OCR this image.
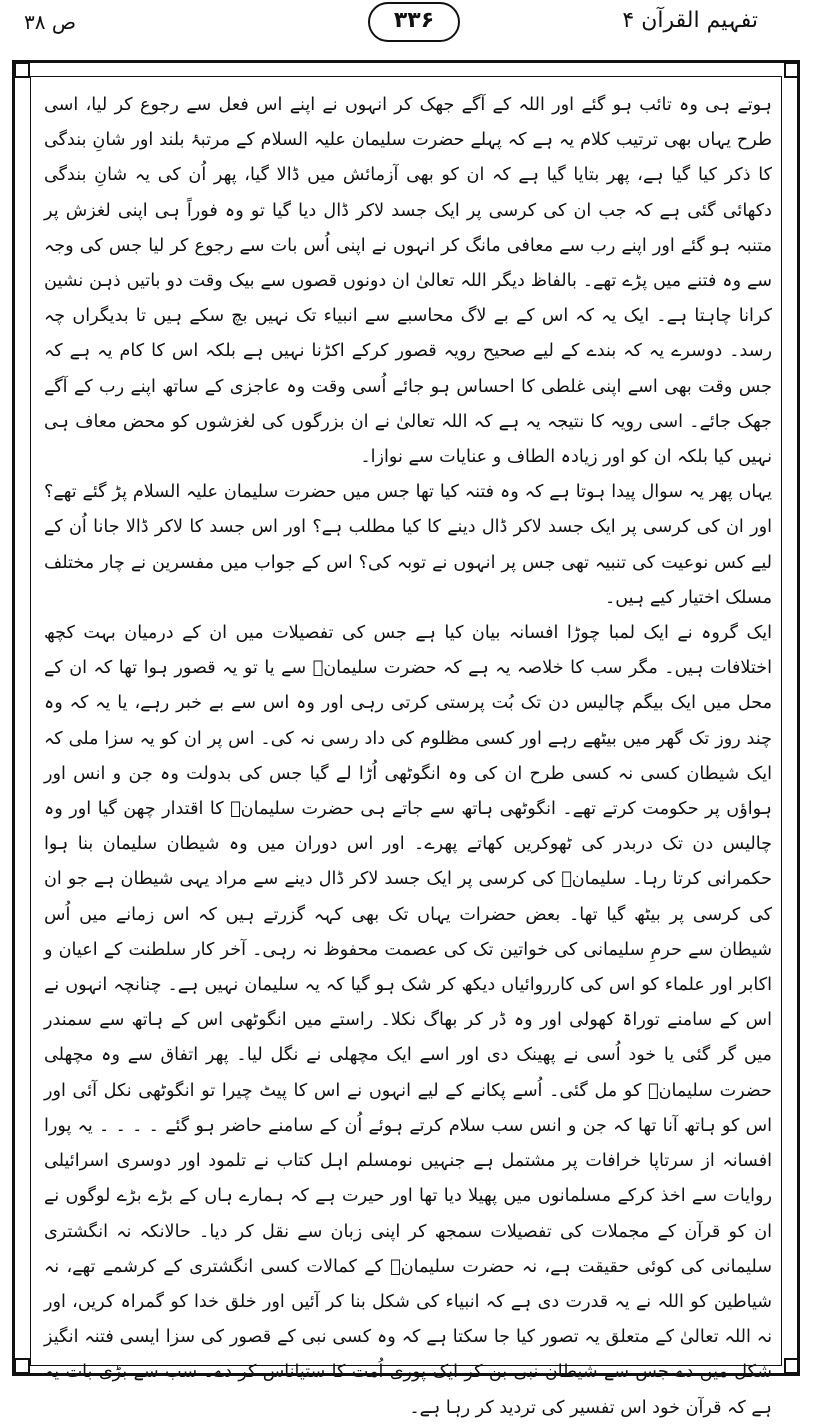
تفہیم القرآن ۴
۳۳۶
ص ۳۸

ہوتے ہی وہ تائب ہو گئے اور اللہ کے آگے جھک کر انہوں نے اپنے اس فعل سے رجوع کر لیا، اسی طرح یہاں بھی ترتیب کلام یہ ہے کہ پہلے حضرت سلیمان علیہ السلام کے مرتبۂ بلند اور شانِ بندگی کا ذکر کیا گیا ہے، پھر بتایا گیا ہے کہ ان کو بھی آزمائش میں ڈالا گیا، پھر اُن کی یہ شانِ بندگی دکھائی گئی ہے کہ جب ان کی کرسی پر ایک جسد لاکر ڈال دیا گیا تو وہ فوراً ہی اپنی لغزش پر متنبہ ہو گئے اور اپنے رب سے معافی مانگ کر انہوں نے اپنی اُس بات سے رجوع کر لیا جس کی وجہ سے وہ فتنے میں پڑے تھے۔ بالفاظ دیگر اللہ تعالیٰ ان دونوں قصوں سے بیک وقت دو باتیں ذہن نشین کرانا چاہتا ہے۔ ایک یہ کہ اس کے بے لاگ محاسبے سے انبیاء تک نہیں بچ سکے ہیں تا بدیگراں چہ رسد۔ دوسرے یہ کہ بندے کے لیے صحیح رویہ قصور کرکے اکڑنا نہیں ہے بلکہ اس کا کام یہ ہے کہ جس وقت بھی اسے اپنی غلطی کا احساس ہو جائے اُسی وقت وہ عاجزی کے ساتھ اپنے رب کے آگے جھک جائے۔ اسی رویہ کا نتیجہ یہ ہے کہ اللہ تعالیٰ نے ان بزرگوں کی لغزشوں کو محض معاف ہی نہیں کیا بلکہ ان کو اور زیادہ الطاف و عنایات سے نوازا۔

یہاں پھر یہ سوال پیدا ہوتا ہے کہ وہ فتنہ کیا تھا جس میں حضرت سلیمان علیہ السلام پڑ گئے تھے؟ اور ان کی کرسی پر ایک جسد لاکر ڈال دینے کا کیا مطلب ہے؟ اور اس جسد کا لاکر ڈالا جانا اُن کے لیے کس نوعیت کی تنبیہ تھی جس پر انہوں نے توبہ کی؟ اس کے جواب میں مفسرین نے چار مختلف مسلک اختیار کیے ہیں۔

ایک گروہ نے ایک لمبا چوڑا افسانہ بیان کیا ہے جس کی تفصیلات میں ان کے درمیان بہت کچھ اختلافات ہیں۔ مگر سب کا خلاصہ یہ ہے کہ حضرت سلیمانؑ سے یا تو یہ قصور ہوا تھا کہ ان کے محل میں ایک بیگم چالیس دن تک بُت پرستی کرتی رہی اور وہ اس سے بے خبر رہے، یا یہ کہ وہ چند روز تک گھر میں بیٹھے رہے اور کسی مظلوم کی داد رسی نہ کی۔ اس پر ان کو یہ سزا ملی کہ ایک شیطان کسی نہ کسی طرح ان کی وہ انگوٹھی اُڑا لے گیا جس کی بدولت وہ جن و انس اور ہواؤں پر حکومت کرتے تھے۔ انگوٹھی ہاتھ سے جاتے ہی حضرت سلیمانؑ کا اقتدار چھن گیا اور وہ چالیس دن تک دربدر کی ٹھوکریں کھاتے پھرے۔ اور اس دوران میں وہ شیطان سلیمان بنا ہوا حکمرانی کرتا رہا۔ سلیمانؑ کی کرسی پر ایک جسد لاکر ڈال دینے سے مراد یہی شیطان ہے جو ان کی کرسی پر بیٹھ گیا تھا۔ بعض حضرات یہاں تک بھی کہہ گزرتے ہیں کہ اس زمانے میں اُس شیطان سے حرمِ سلیمانی کی خواتین تک کی عصمت محفوظ نہ رہی۔ آخر کار سلطنت کے اعیان و اکابر اور علماء کو اس کی کارروائیاں دیکھ کر شک ہو گیا کہ یہ سلیمان نہیں ہے۔ چنانچہ انہوں نے اس کے سامنے توراۃ کھولی اور وہ ڈر کر بھاگ نکلا۔ راستے میں انگوٹھی اس کے ہاتھ سے سمندر میں گر گئی یا خود اُسی نے پھینک دی اور اسے ایک مچھلی نے نگل لیا۔ پھر اتفاق سے وہ مچھلی حضرت سلیمانؑ کو مل گئی۔ اُسے پکانے کے لیے انہوں نے اس کا پیٹ چیرا تو انگوٹھی نکل آئی اور اس کو ہاتھ آنا تھا کہ جن و انس سب سلام کرتے ہوئے اُن کے سامنے حاضر ہو گئے ۔ ۔ ۔ ۔ یہ پورا افسانہ از سرتاپا خرافات پر مشتمل ہے جنہیں نومسلم اہل کتاب نے تلمود اور دوسری اسرائیلی روایات سے اخذ کرکے مسلمانوں میں پھیلا دیا تھا اور حیرت ہے کہ ہمارے ہاں کے بڑے بڑے لوگوں نے ان کو قرآن کے مجملات کی تفصیلات سمجھ کر اپنی زبان سے نقل کر دیا۔ حالانکہ نہ انگشتری سلیمانی کی کوئی حقیقت ہے، نہ حضرت سلیمانؑ کے کمالات کسی انگشتری کے کرشمے تھے، نہ شیاطین کو اللہ نے یہ قدرت دی ہے کہ انبیاء کی شکل بنا کر آئیں اور خلق خدا کو گمراہ کریں، اور نہ اللہ تعالیٰ کے متعلق یہ تصور کیا جا سکتا ہے کہ وہ کسی نبی کے قصور کی سزا ایسی فتنہ انگیز شکل میں دے جس سے شیطان نبی بن کر ایک پوری اُمت کا ستیاناس کر دے۔ سب سے بڑی بات یہ ہے کہ قرآن خود اس تفسیر کی تردید کر رہا ہے۔
